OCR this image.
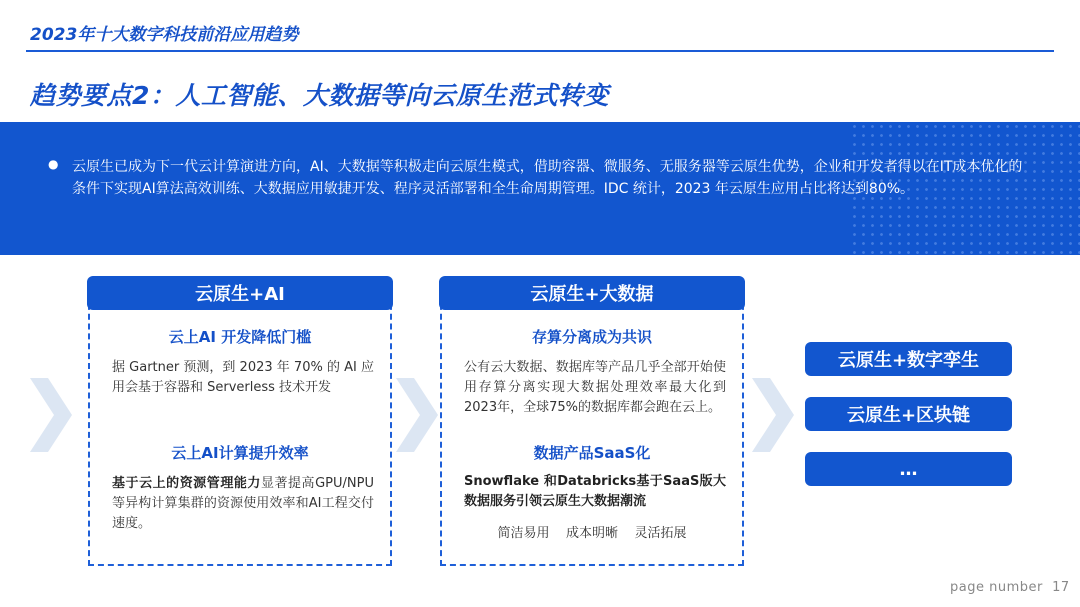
2023年十大数字科技前沿应用趋势
趋势要点2：人工智能、大数据等向云原生范式转变
● 云原生已成为下一代云计算演进方向，AI、大数据等积极走向云原生模式，借助容器、微服务、无服务器等云原生优势，企业和开发者得以在IT成本优化的条件下实现AI算法高效训练、大数据应用敏捷开发、程序灵活部署和全生命周期管理。IDC 统计，2023 年云原生应用占比将达到80%。
云原生+AI
云上AI 开发降低门槛
据 Gartner 预测，到 2023 年 70% 的 AI 应用会基于容器和 Serverless 技术开发
云上AI计算提升效率
基于云上的资源管理能力显著提高GPU/NPU等异构计算集群的资源使用效率和AI工程交付速度。
云原生+大数据
存算分离成为共识
公有云大数据、数据库等产品几乎全部开始使用存算分离实现大数据处理效率最大化到2023年，全球75%的数据库都会跑在云上。
数据产品SaaS化
Snowflake 和Databricks基于SaaS版大数据服务引领云原生大数据潮流
简洁易用    成本明晰    灵活拓展
云原生+数字孪生
云原生+区块链
…
page number  17
